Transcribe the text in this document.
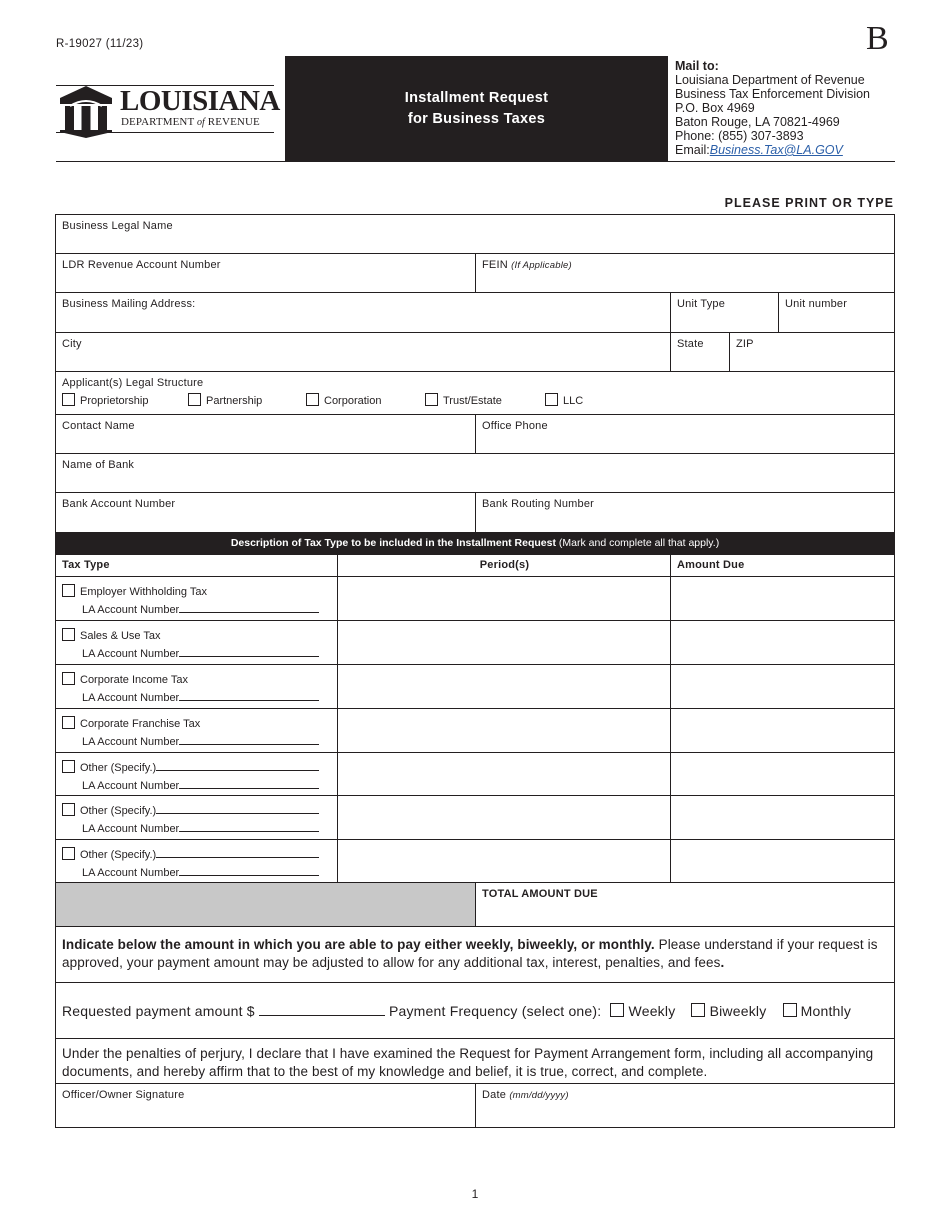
R-19027 (11/23)	B
LOUISIANA
DEPARTMENT of REVENUE
Installment Request
for Business Taxes
Mail to:
Louisiana Department of Revenue
Business Tax Enforcement Division
P.O. Box 4969
Baton Rouge, LA 70821-4969
Phone: (855) 307-3893
Email:Business.Tax@LA.GOV
PLEASE PRINT OR TYPE
Business Legal Name
LDR Revenue Account Number	FEIN (If Applicable)
Business Mailing Address:	Unit Type	Unit number
City	State	ZIP
Applicant(s) Legal Structure
Proprietorship	Partnership	Corporation	Trust/Estate	LLC
Contact Name	Office Phone
Name of Bank
Bank Account Number	Bank Routing Number
Description of Tax Type to be included in the Installment Request (Mark and complete all that apply.)
Tax Type	Period(s)	Amount Due
Employer Withholding Tax
LA Account Number
Sales & Use Tax
LA Account Number
Corporate Income Tax
LA Account Number
Corporate Franchise Tax
LA Account Number
Other (Specify.)
LA Account Number
Other (Specify.)
LA Account Number
Other (Specify.)
LA Account Number
TOTAL AMOUNT DUE
Indicate below the amount in which you are able to pay either weekly, biweekly, or monthly. Please understand if your request is approved, your payment amount may be adjusted to allow for any additional tax, interest, penalties, and fees.
Requested payment amount $	Payment Frequency (select one): Weekly Biweekly Monthly
Under the penalties of perjury, I declare that I have examined the Request for Payment Arrangement form, including all accompanying documents, and hereby affirm that to the best of my knowledge and belief, it is true, correct, and complete.
Officer/Owner Signature	Date (mm/dd/yyyy)
1
